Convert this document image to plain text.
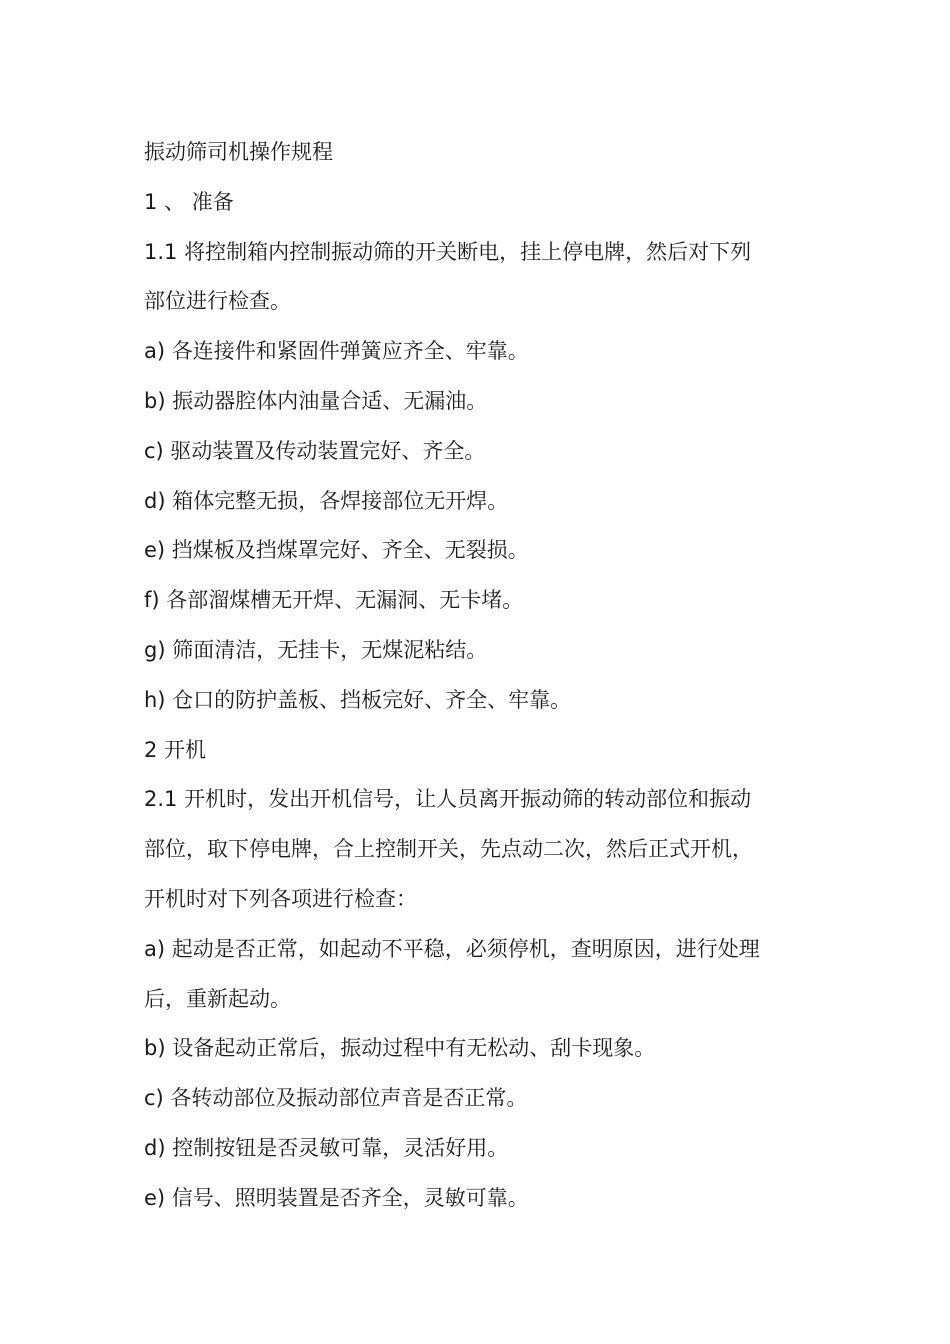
振动筛司机操作规程
1 、 准备
1.1 将控制箱内控制振动筛的开关断电，挂上停电牌，然后对下列
部位进行检查。
a) 各连接件和紧固件弹簧应齐全、牢靠。
b) 振动器腔体内油量合适、无漏油。
c) 驱动装置及传动装置完好、齐全。
d) 箱体完整无损，各焊接部位无开焊。
e) 挡煤板及挡煤罩完好、齐全、无裂损。
f) 各部溜煤槽无开焊、无漏洞、无卡堵。
g) 筛面清洁，无挂卡，无煤泥粘结。
h) 仓口的防护盖板、挡板完好、齐全、牢靠。
2 开机
2.1 开机时，发出开机信号，让人员离开振动筛的转动部位和振动
部位，取下停电牌，合上控制开关，先点动二次，然后正式开机，
开机时对下列各项进行检查：
a) 起动是否正常，如起动不平稳，必须停机，查明原因，进行处理
后，重新起动。
b) 设备起动正常后，振动过程中有无松动、刮卡现象。
c) 各转动部位及振动部位声音是否正常。
d) 控制按钮是否灵敏可靠，灵活好用。
e) 信号、照明装置是否齐全，灵敏可靠。
